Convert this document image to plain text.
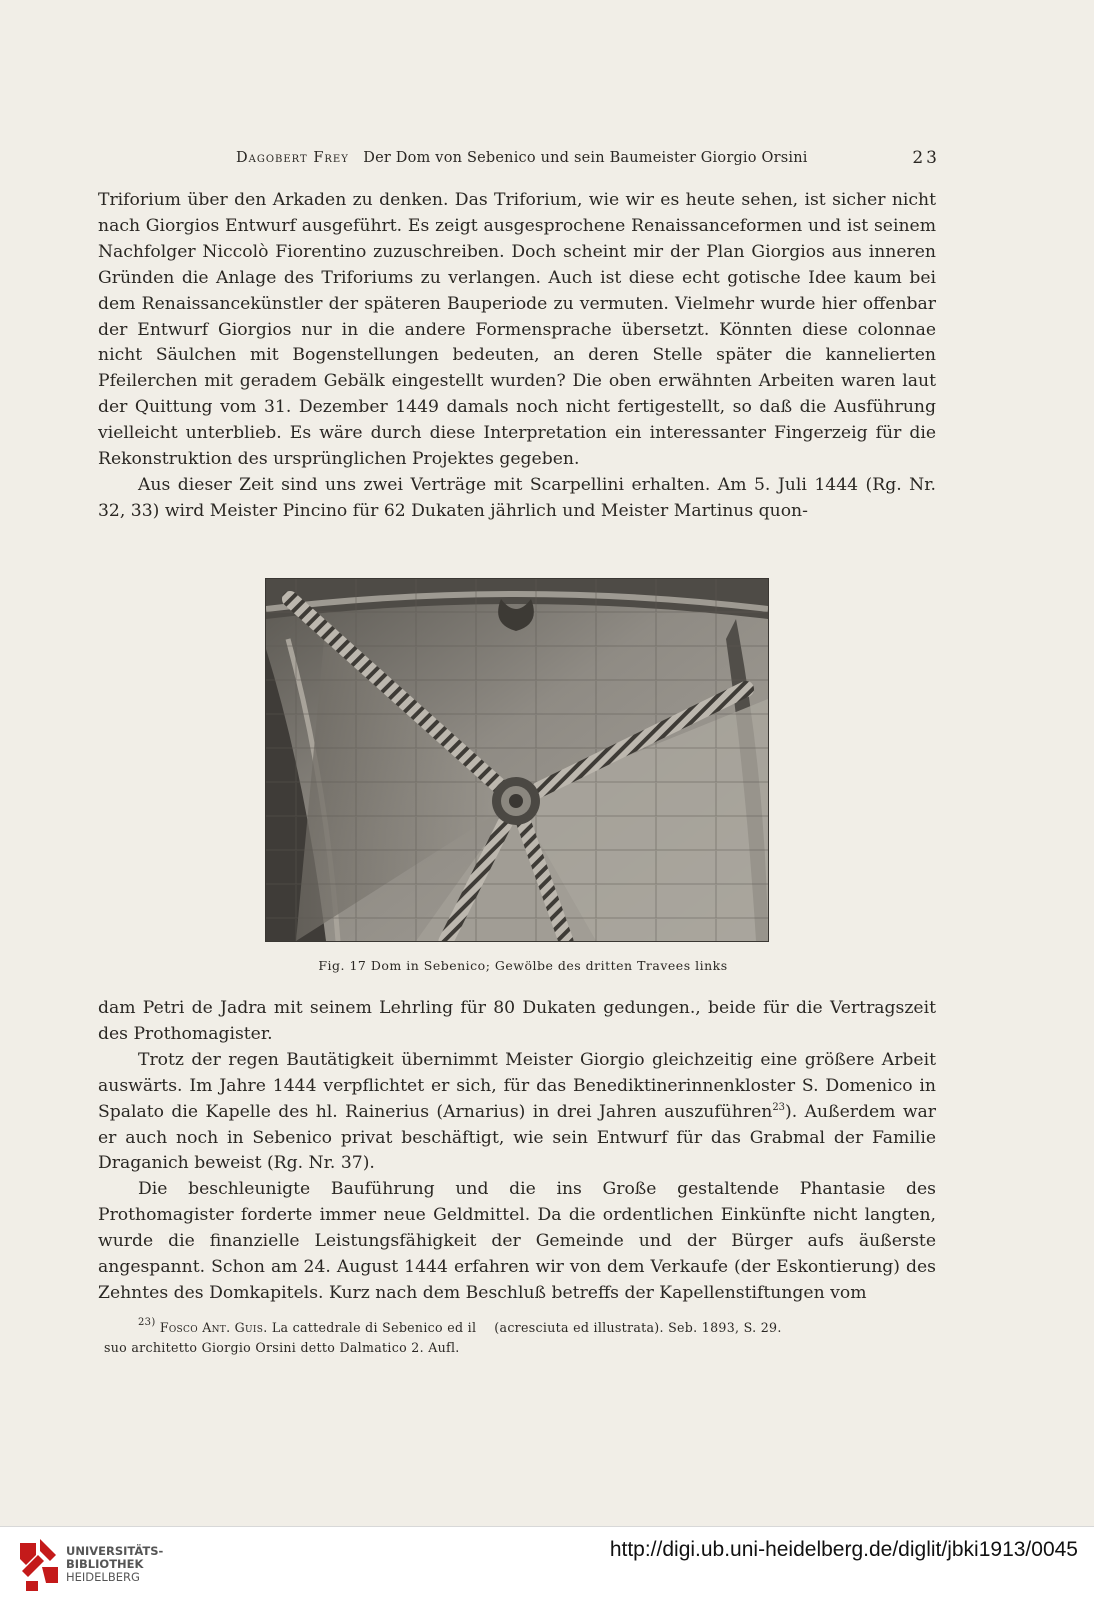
Dagobert Frey Der Dom von Sebenico und sein Baumeister Giorgio Orsini	23

Triforium über den Arkaden zu denken. Das Triforium, wie wir es heute sehen, ist sicher nicht nach Giorgios Entwurf ausgeführt. Es zeigt ausgesprochene Renaissanceformen und ist seinem Nachfolger Niccolò Fiorentino zuzuschreiben. Doch scheint mir der Plan Giorgios aus inneren Gründen die Anlage des Triforiums zu verlangen. Auch ist diese echt gotische Idee kaum bei dem Renaissancekünstler der späteren Bauperiode zu vermuten. Vielmehr wurde hier offenbar der Entwurf Giorgios nur in die andere Formensprache übersetzt. Könnten diese colonnae nicht Säulchen mit Bogenstellungen bedeuten, an deren Stelle später die kannelierten Pfeilerchen mit geradem Gebälk eingestellt wurden? Die oben erwähnten Arbeiten waren laut der Quittung vom 31. Dezember 1449 damals noch nicht fertigestellt, so daß die Ausführung vielleicht unterblieb. Es wäre durch diese Interpretation ein interessanter Fingerzeig für die Rekonstruktion des ursprünglichen Projektes gegeben.

Aus dieser Zeit sind uns zwei Verträge mit Scarpellini erhalten. Am 5. Juli 1444 (Rg. Nr. 32, 33) wird Meister Pincino für 62 Dukaten jährlich und Meister Martinus quon-

Fig. 17 Dom in Sebenico; Gewölbe des dritten Travees links

dam Petri de Jadra mit seinem Lehrling für 80 Dukaten gedungen., beide für die Vertragszeit des Prothomagister.

Trotz der regen Bautätigkeit übernimmt Meister Giorgio gleichzeitig eine größere Arbeit auswärts. Im Jahre 1444 verpflichtet er sich, für das Benediktinerinnenkloster S. Domenico in Spalato die Kapelle des hl. Rainerius (Arnarius) in drei Jahren auszuführen$^{23}$). Außerdem war er auch noch in Sebenico privat beschäftigt, wie sein Entwurf für das Grabmal der Familie Draganich beweist (Rg. Nr. 37).

Die beschleunigte Bauführung und die ins Große gestaltende Phantasie des Prothomagister forderte immer neue Geldmittel. Da die ordentlichen Einkünfte nicht langten, wurde die finanzielle Leistungsfähigkeit der Gemeinde und der Bürger aufs äußerste angespannt. Schon am 24. August 1444 erfahren wir von dem Verkaufe (der Eskontierung) des Zehntes des Domkapitels. Kurz nach dem Beschluß betreffs der Kapellenstiftungen vom

$^{23)}$ Fosco Ant. Guis. La cattedrale di Sebenico ed il (acresciuta ed illustrata). Seb. 1893, S. 29.
suo architetto Giorgio Orsini detto Dalmatico 2. Aufl.
UNIVERSITÄTS-
BIBLIOTHEK
HEIDELBERG
http://digi.ub.uni-heidelberg.de/diglit/jbki1913/0045
